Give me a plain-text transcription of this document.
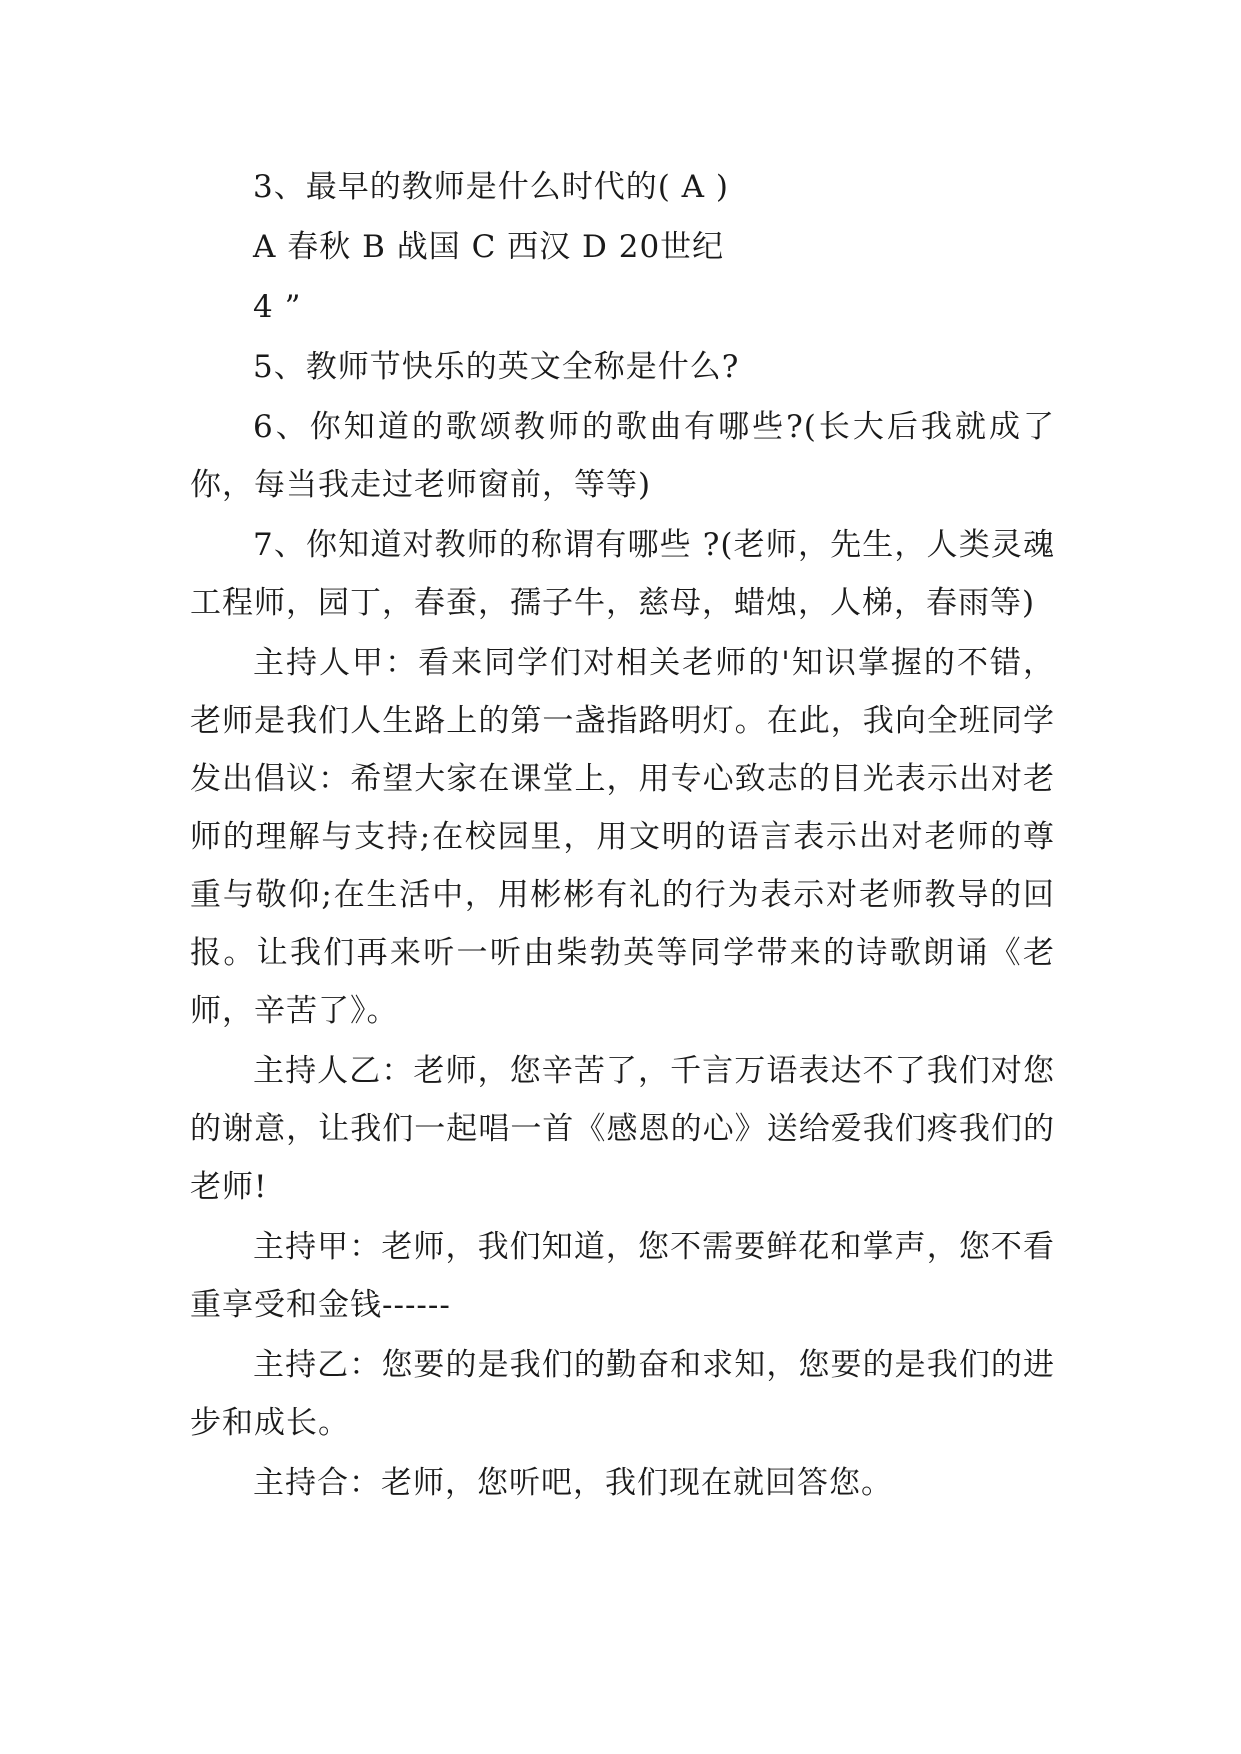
3、最早的教师是什么时代的( A )

A 春秋 B 战国 C 西汉 D 20世纪

4 ”

5、教师节快乐的英文全称是什么?

6、你知道的歌颂教师的歌曲有哪些?(长大后我就成了你，每当我走过老师窗前，等等)

7、你知道对教师的称谓有哪些 ?(老师，先生，人类灵魂工程师，园丁，春蚕，孺子牛，慈母，蜡烛，人梯，春雨等)

主持人甲：看来同学们对相关老师的'知识掌握的不错，老师是我们人生路上的第一盏指路明灯。在此，我向全班同学发出倡议：希望大家在课堂上，用专心致志的目光表示出对老师的理解与支持;在校园里，用文明的语言表示出对老师的尊重与敬仰;在生活中，用彬彬有礼的行为表示对老师教导的回报。让我们再来听一听由柴勃英等同学带来的诗歌朗诵《老师，辛苦了》。

主持人乙：老师，您辛苦了，千言万语表达不了我们对您的谢意，让我们一起唱一首《感恩的心》送给爱我们疼我们的老师!

主持甲：老师，我们知道，您不需要鲜花和掌声，您不看重享受和金钱------

主持乙：您要的是我们的勤奋和求知，您要的是我们的进步和成长。

主持合：老师，您听吧，我们现在就回答您。
